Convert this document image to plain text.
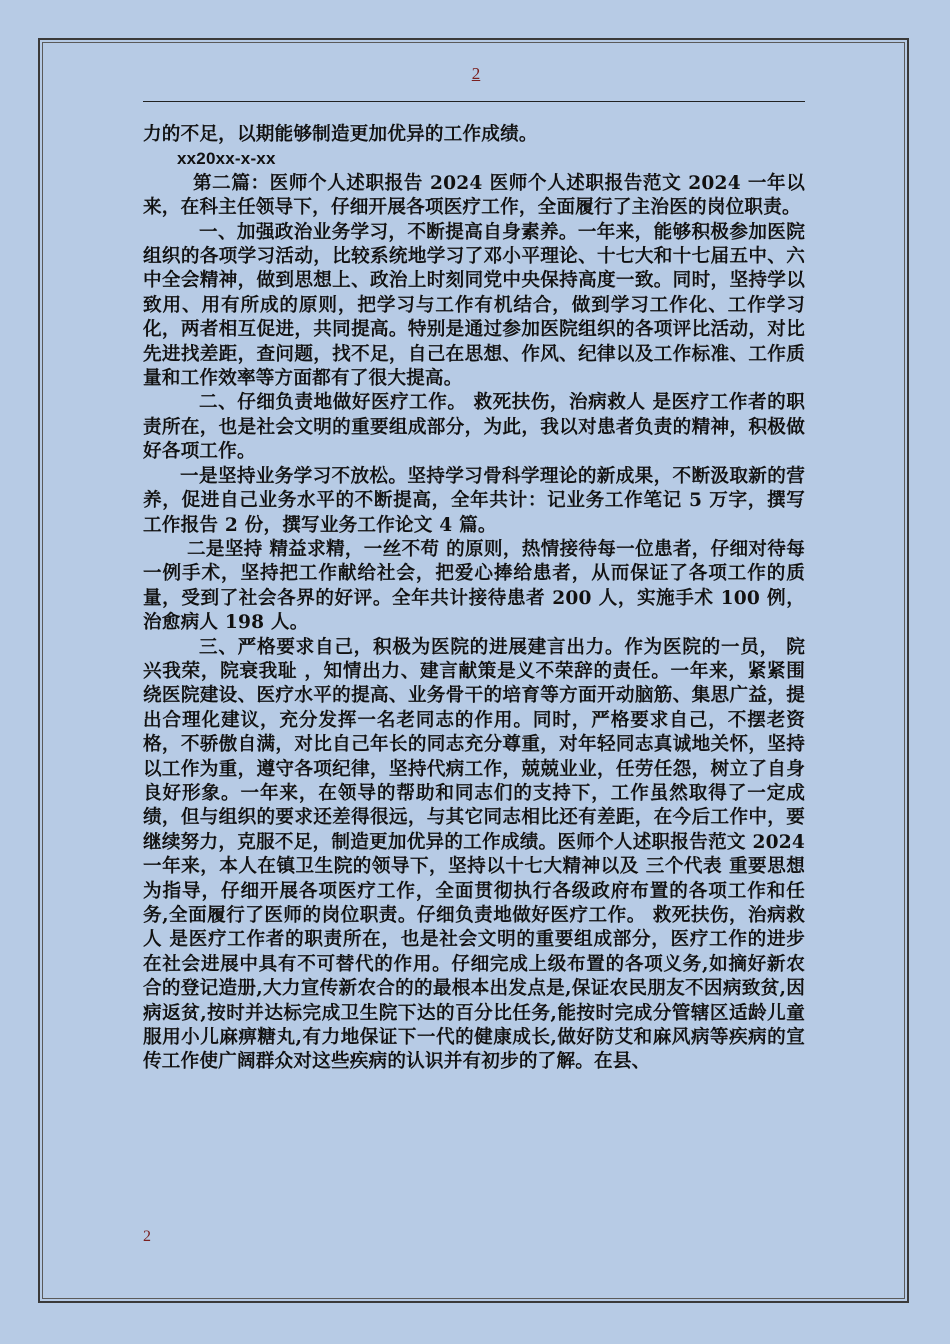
2

力的不足，以期能够制造更加优异的工作成绩。

xx20xx-x-xx

第二篇：医师个人述职报告 2024 医师个人述职报告范文 2024 一年以来，在科主任领导下，仔细开展各项医疗工作，全面履行了主治医的岗位职责。

一、加强政治业务学习，不断提高自身素养。一年来，能够积极参加医院组织的各项学习活动，比较系统地学习了邓小平理论、十七大和十七届五中、六中全会精神，做到思想上、政治上时刻同党中央保持高度一致。同时，坚持学以致用、用有所成的原则，把学习与工作有机结合，做到学习工作化、工作学习化，两者相互促进，共同提高。特别是通过参加医院组织的各项评比活动，对比先进找差距，查问题，找不足，自己在思想、作风、纪律以及工作标准、工作质量和工作效率等方面都有了很大提高。

二、仔细负责地做好医疗工作。 救死扶伤，治病救人 是医疗工作者的职责所在，也是社会文明的重要组成部分，为此，我以对患者负责的精神，积极做好各项工作。

一是坚持业务学习不放松。坚持学习骨科学理论的新成果，不断汲取新的营养，促进自己业务水平的不断提高，全年共计：记业务工作笔记 5 万字，撰写工作报告 2 份，撰写业务工作论文 4 篇。

二是坚持 精益求精，一丝不苟 的原则，热情接待每一位患者，仔细对待每一例手术，坚持把工作献给社会，把爱心捧给患者，从而保证了各项工作的质量，受到了社会各界的好评。全年共计接待患者 200 人，实施手术 100 例，治愈病人 198 人。

三、严格要求自己，积极为医院的进展建言出力。作为医院的一员， 院兴我荣，院衰我耻 ，知情出力、建言献策是义不荣辞的责任。一年来，紧紧围绕医院建设、医疗水平的提高、业务骨干的培育等方面开动脑筋、集思广益，提出合理化建议，充分发挥一名老同志的作用。同时，严格要求自己，不摆老资格，不骄傲自满，对比自己年长的同志充分尊重，对年轻同志真诚地关怀，坚持以工作为重，遵守各项纪律，坚持代病工作，兢兢业业，任劳任怨，树立了自身良好形象。一年来，在领导的帮助和同志们的支持下，工作虽然取得了一定成绩，但与组织的要求还差得很远，与其它同志相比还有差距，在今后工作中，要继续努力，克服不足，制造更加优异的工作成绩。医师个人述职报告范文 2024 一年来，本人在镇卫生院的领导下，坚持以十七大精神以及 三个代表 重要思想为指导，仔细开展各项医疗工作，全面贯彻执行各级政府布置的各项工作和任务,全面履行了医师的岗位职责。仔细负责地做好医疗工作。 救死扶伤，治病救人 是医疗工作者的职责所在，也是社会文明的重要组成部分，医疗工作的进步在社会进展中具有不可替代的作用。仔细完成上级布置的各项义务,如摘好新农合的登记造册,大力宣传新农合的的最根本出发点是,保证农民朋友不因病致贫,因病返贫,按时并达标完成卫生院下达的百分比任务,能按时完成分管辖区适龄儿童服用小儿麻痹糖丸,有力地保证下一代的健康成长,做好防艾和麻风病等疾病的宣传工作使广阔群众对这些疾病的认识并有初步的了解。在县、

2
